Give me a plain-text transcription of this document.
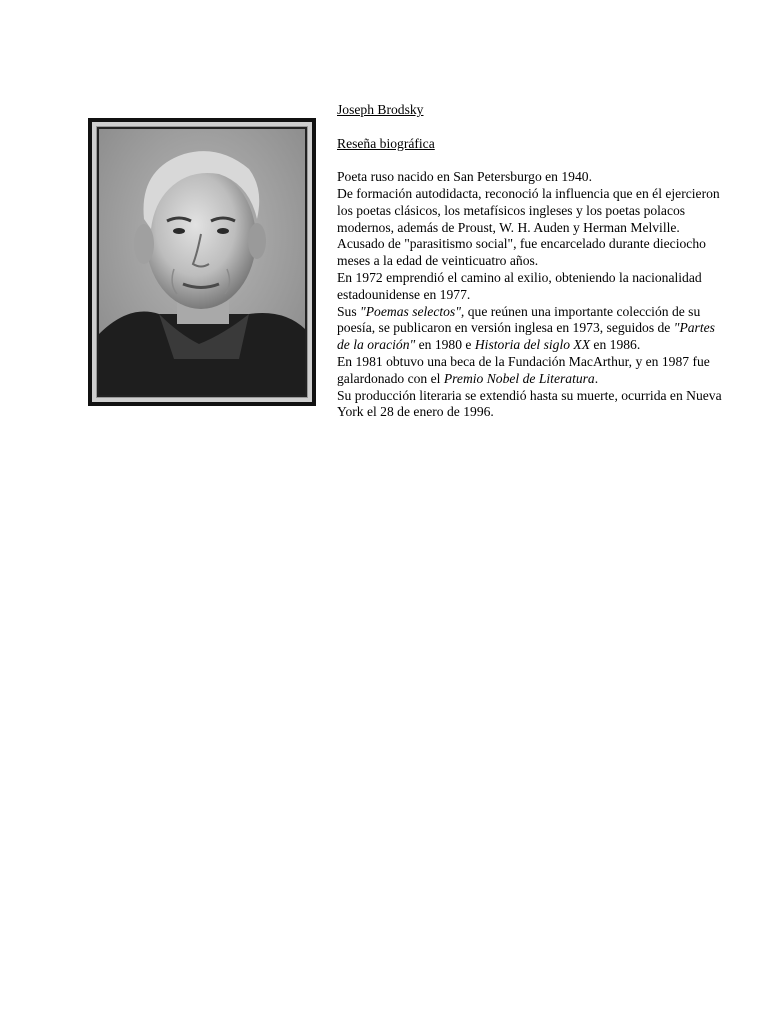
Joseph Brodsky

Reseña biográfica

Poeta ruso nacido en San Petersburgo en 1940.

De formación autodidacta, reconoció la influencia que en él ejercieron los poetas clásicos, los metafísicos ingleses y los poetas polacos modernos, además de Proust, W. H. Auden y Herman Melville.

Acusado de "parasitismo social", fue encarcelado durante dieciocho meses a la edad de veinticuatro años.

En 1972 emprendió el camino al exilio, obteniendo la nacionalidad estadounidense en 1977.

Sus "Poemas selectos", que reúnen una importante colección de su poesía, se publicaron en versión inglesa en 1973, seguidos de "Partes de la oración" en 1980 e Historia del siglo XX en 1986.

En 1981 obtuvo una beca de la Fundación MacArthur, y en 1987 fue galardonado con el Premio Nobel de Literatura.

Su producción literaria se extendió hasta su muerte, ocurrida en Nueva York el 28 de enero de 1996.
